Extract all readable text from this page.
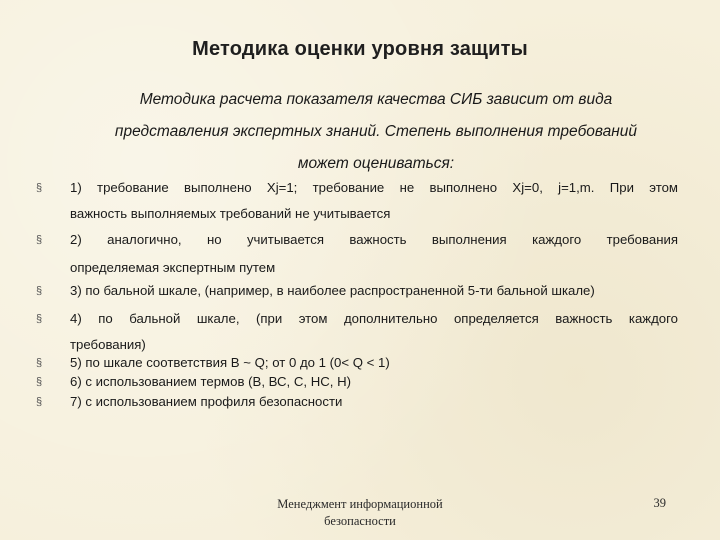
Методика оценки уровня защиты
Методика расчета показателя качества СИБ зависит от вида
представления экспертных знаний. Степень выполнения требований
может оцениваться:
§ 1) требование выполнено Xj=1; требование не выполнено Xj=0, j=1,m. При этом
важность выполняемых требований не учитывается
§ 2) аналогично, но учитывается важность выполнения каждого требования
определяемая экспертным путем
§ 3) по бальной шкале, (например, в наиболее распространенной 5-ти бальной шкале)
§ 4) по бальной шкале, (при этом дополнительно определяется важность каждого
требования)
§ 5) по шкале соответствия В ~ Q; от 0 до 1 (0< Q < 1)
§ 6) с использованием термов (В, ВС, С, НС, Н)
§ 7) с использованием профиля безопасности
Менеджмент информационной
безопасности
39
